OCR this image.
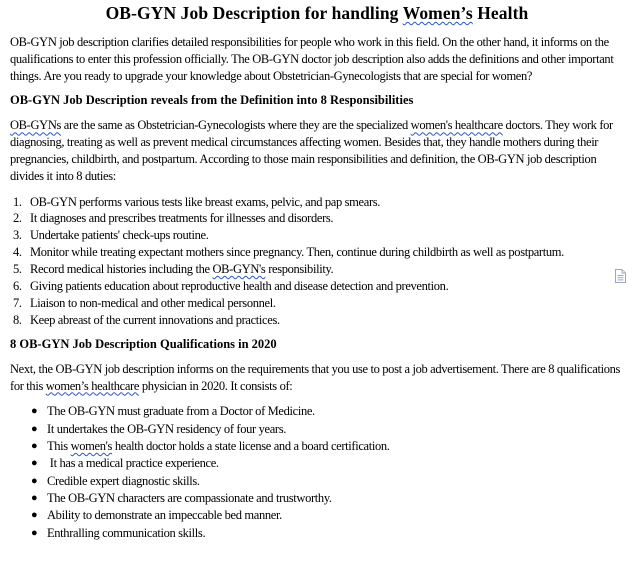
OB-GYN Job Description for handling Women’s Health

OB-GYN job description clarifies detailed responsibilities for people who work in this field. On the other hand, it informs on the qualifications to enter this profession officially. The OB-GYN doctor job description also adds the definitions and other important things. Are you ready to upgrade your knowledge about Obstetrician-Gynecologists that are special for women?

OB-GYN Job Description reveals from the Definition into 8 Responsibilities

OB-GYNs are the same as Obstetrician-Gynecologists where they are the specialized women's healthcare doctors. They work for diagnosing, treating as well as prevent medical circumstances affecting women. Besides that, they handle mothers during their pregnancies, childbirth, and postpartum. According to those main responsibilities and definition, the OB-GYN job description divides it into 8 duties:

1. OB-GYN performs various tests like breast exams, pelvic, and pap smears.
2. It diagnoses and prescribes treatments for illnesses and disorders.
3. Undertake patients' check-ups routine.
4. Monitor while treating expectant mothers since pregnancy. Then, continue during childbirth as well as postpartum.
5. Record medical histories including the OB-GYN's responsibility.
6. Giving patients education about reproductive health and disease detection and prevention.
7. Liaison to non-medical and other medical personnel.
8. Keep abreast of the current innovations and practices.
8 OB-GYN Job Description Qualifications in 2020

Next, the OB-GYN job description informs on the requirements that you use to post a job advertisement. There are 8 qualifications for this women’s healthcare physician in 2020. It consists of:

● The OB-GYN must graduate from a Doctor of Medicine.
● It undertakes the OB-GYN residency of four years.
● This women's health doctor holds a state license and a board certification.
● It has a medical practice experience.
● Credible expert diagnostic skills.
● The OB-GYN characters are compassionate and trustworthy.
● Ability to demonstrate an impeccable bed manner.
● Enthralling communication skills.
